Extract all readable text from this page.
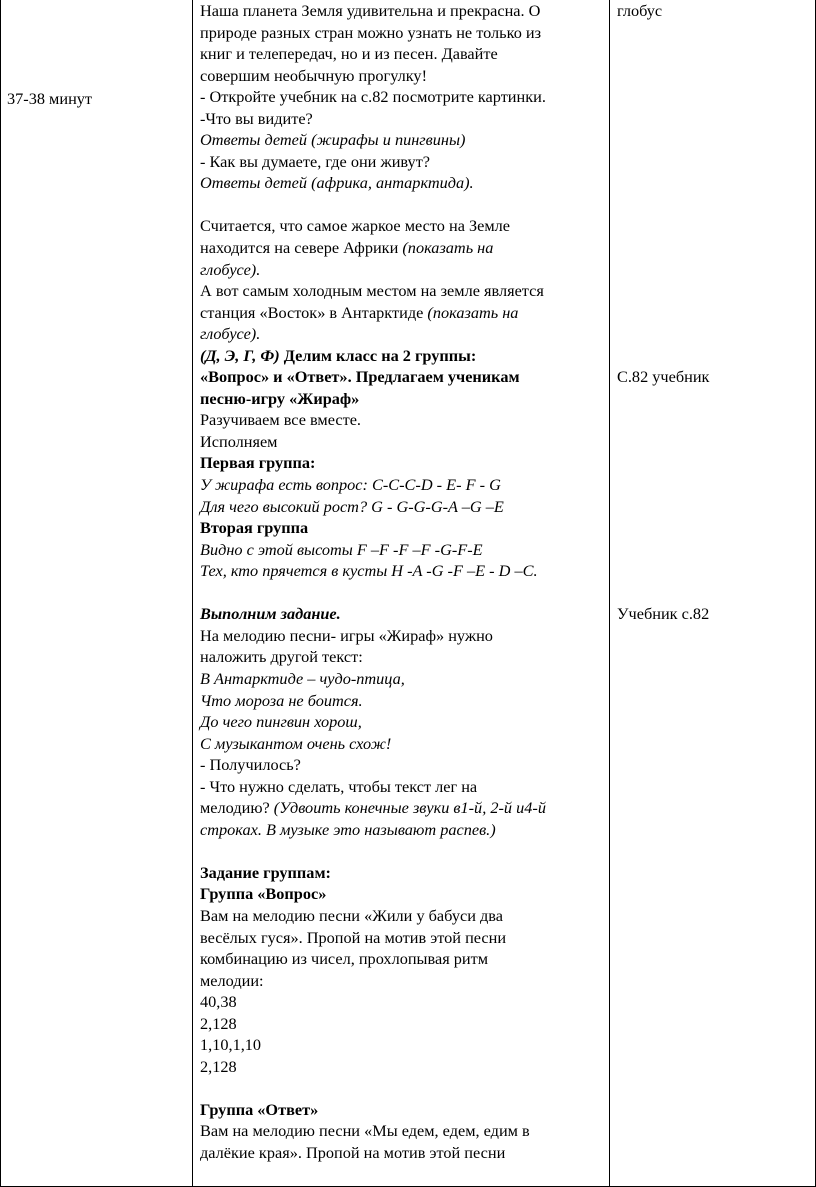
37-38 минут
Наша планета Земля удивительна и прекрасна. О
природе разных стран можно узнать не только из
книг и телепередач, но и из песен. Давайте
совершим необычную прогулку!
- Откройте учебник на с.82 посмотрите картинки.
-Что вы видите?
Ответы детей (жирафы и пингвины)
- Как вы думаете, где они живут?
Ответы детей (африка, антарктида).
Считается, что самое жаркое место на Земле
находится на севере Африки (показать на
глобусе).
А вот самым холодным местом на земле является
станция «Восток» в Антарктиде (показать на
глобусе).
(Д, Э, Г, Ф) Делим класс на 2 группы:
«Вопрос» и «Ответ». Предлагаем ученикам
песню-игру «Жираф»
Разучиваем все вместе.
Исполняем
Первая группа:
У жирафа есть вопрос: C-C-C-D - E- F - G
Для чего высокий рост? G - G-G-G-A –G –E
Вторая группа
Видно с этой высоты F –F -F –F -G-F-E
Тех, кто прячется в кусты H -A -G -F –E - D –C.
Выполним задание.
На мелодию песни- игры «Жираф» нужно
наложить другой текст:
В Антарктиде – чудо-птица,
Что мороза не боится.
До чего пингвин хорош,
С музыкантом очень схож!
- Получилось?
- Что нужно сделать, чтобы текст лег на
мелодию? (Удвоить конечные звуки в1-й, 2-й и4-й
строках. В музыке это называют распев.)
Задание группам:
Группа «Вопрос»
Вам на мелодию песни «Жили у бабуси два
весёлых гуся». Пропой на мотив этой песни
комбинацию из чисел, прохлопывая ритм
мелодии:
40,38
2,128
1,10,1,10
2,128
Группа «Ответ»
Вам на мелодию песни «Мы едем, едем, едим в
далёкие края». Пропой на мотив этой песни
глобус
С.82 учебник
Учебник с.82
